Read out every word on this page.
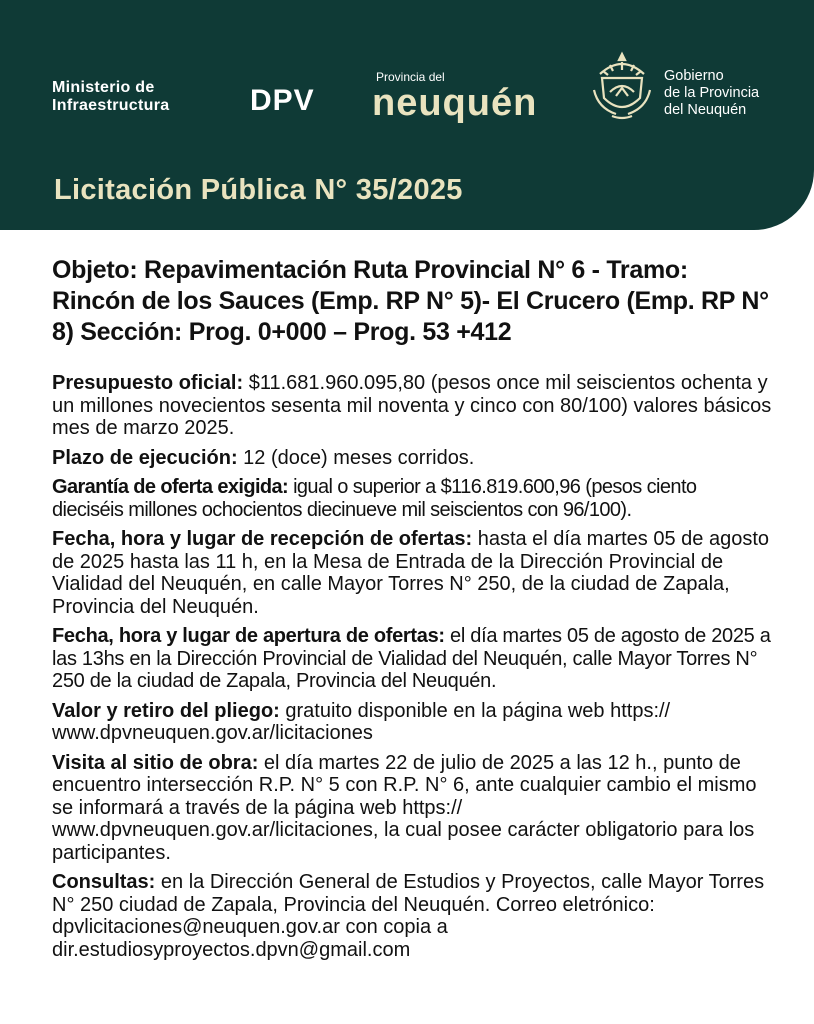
Ministerio de
Infraestructura	DPV
Provincia del
neuquén
Gobierno
de la Provincia
del Neuquén
Licitación Pública N° 35/2025
Objeto: Repavimentación Ruta Provincial N° 6 - Tramo: Rincón de los Sauces (Emp. RP N° 5)- El Crucero (Emp. RP N° 8) Sección: Prog. 0+000 – Prog. 53 +412

Presupuesto oficial: $11.681.960.095,80 (pesos once mil seiscientos ochenta y un millones novecientos sesenta mil noventa y cinco con 80/100) valores básicos mes de marzo 2025.

Plazo de ejecución: 12 (doce) meses corridos.

Garantía de oferta exigida: igual o superior a $116.819.600,96 (pesos ciento dieciséis millones ochocientos diecinueve mil seiscientos con 96/100).

Fecha, hora y lugar de recepción de ofertas: hasta el día martes 05 de agosto de 2025 hasta las 11 h, en la Mesa de Entrada de la Dirección Provincial de Vialidad del Neuquén, en calle Mayor Torres N° 250, de la ciudad de Zapala, Provincia del Neuquén.

Fecha, hora y lugar de apertura de ofertas: el día martes 05 de agosto de 2025 a las 13hs en la Dirección Provincial de Vialidad del Neuquén, calle Mayor Torres N° 250 de la ciudad de Zapala, Provincia del Neuquén.

Valor y retiro del pliego: gratuito disponible en la página web https:// www.dpvneuquen.gov.ar/licitaciones

Visita al sitio de obra: el día martes 22 de julio de 2025 a las 12 h., punto de encuentro intersección R.P. N° 5 con R.P. N° 6, ante cualquier cambio el mismo se informará a través de la página web https:// www.dpvneuquen.gov.ar/licitaciones, la cual posee carácter obligatorio para los participantes.

Consultas: en la Dirección General de Estudios y Proyectos, calle Mayor Torres N° 250 ciudad de Zapala, Provincia del Neuquén. Correo eletrónico: dpvlicitaciones@neuquen.gov.ar con copia a dir.estudiosyproyectos.dpvn@gmail.com
